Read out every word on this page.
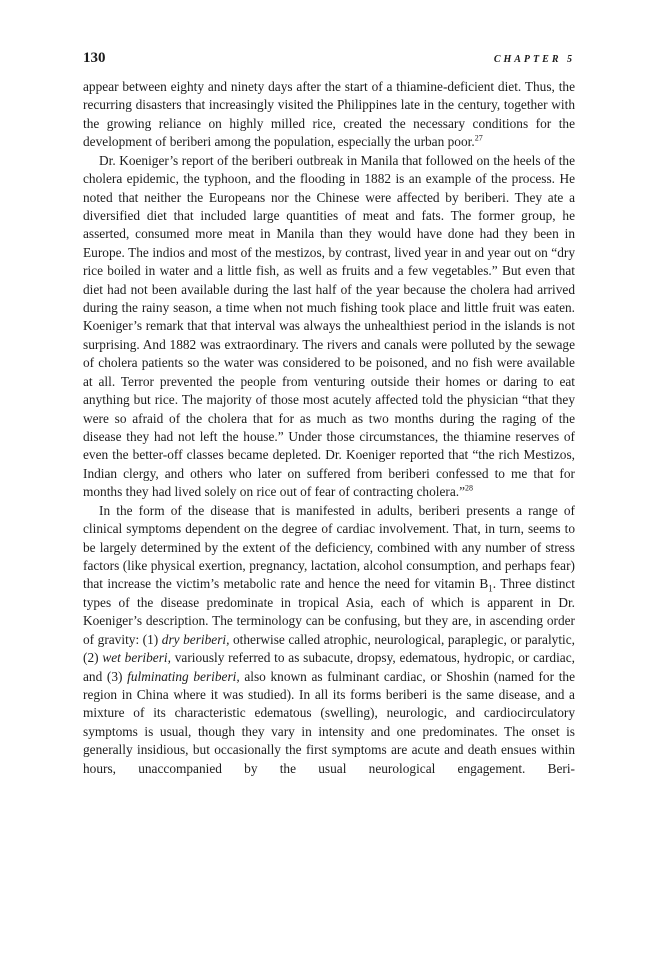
130	CHAPTER 5

appear between eighty and ninety days after the start of a thiamine-deficient diet. Thus, the recurring disasters that increasingly visited the Philippines late in the century, together with the growing reliance on highly milled rice, created the necessary conditions for the development of beriberi among the population, especially the urban poor.$^{27}$

Dr. Koeniger’s report of the beriberi outbreak in Manila that followed on the heels of the cholera epidemic, the typhoon, and the flooding in 1882 is an example of the process. He noted that neither the Europeans nor the Chinese were affected by beriberi. They ate a diversified diet that included large quantities of meat and fats. The former group, he asserted, consumed more meat in Manila than they would have done had they been in Europe. The indios and most of the mestizos, by contrast, lived year in and year out on “dry rice boiled in water and a little fish, as well as fruits and a few vegetables.” But even that diet had not been available during the last half of the year because the cholera had arrived during the rainy season, a time when not much fishing took place and little fruit was eaten. Koeniger’s remark that that interval was always the unhealthiest period in the islands is not surprising. And 1882 was extraordinary. The rivers and canals were polluted by the sewage of cholera patients so the water was considered to be poisoned, and no fish were available at all. Terror prevented the people from venturing outside their homes or daring to eat anything but rice. The majority of those most acutely affected told the physician “that they were so afraid of the cholera that for as much as two months during the raging of the disease they had not left the house.” Under those circumstances, the thiamine reserves of even the better-off classes became depleted. Dr. Koeniger reported that “the rich Mestizos, Indian clergy, and others who later on suffered from beriberi confessed to me that for months they had lived solely on rice out of fear of contracting cholera.”$^{28}$

In the form of the disease that is manifested in adults, beriberi presents a range of clinical symptoms dependent on the degree of cardiac involvement. That, in turn, seems to be largely determined by the extent of the deficiency, combined with any number of stress factors (like physical exertion, pregnancy, lactation, alcohol consumption, and perhaps fear) that increase the victim’s metabolic rate and hence the need for vitamin $B_1$. Three distinct types of the disease predominate in tropical Asia, each of which is apparent in Dr. Koeniger’s description. The terminology can be confusing, but they are, in ascending order of gravity: (1) dry beriberi, otherwise called atrophic, neurological, paraplegic, or paralytic, (2) wet beriberi, variously referred to as subacute, dropsy, edematous, hydropic, or cardiac, and (3) fulminating beriberi, also known as fulminant cardiac, or Shoshin (named for the region in China where it was studied). In all its forms beriberi is the same disease, and a mixture of its characteristic edematous (swelling), neurologic, and cardiocirculatory symptoms is usual, though they vary in intensity and one predominates. The onset is generally insidious, but occasionally the first symptoms are acute and death ensues within hours, unaccompanied by the usual neurological engagement. Beri-
